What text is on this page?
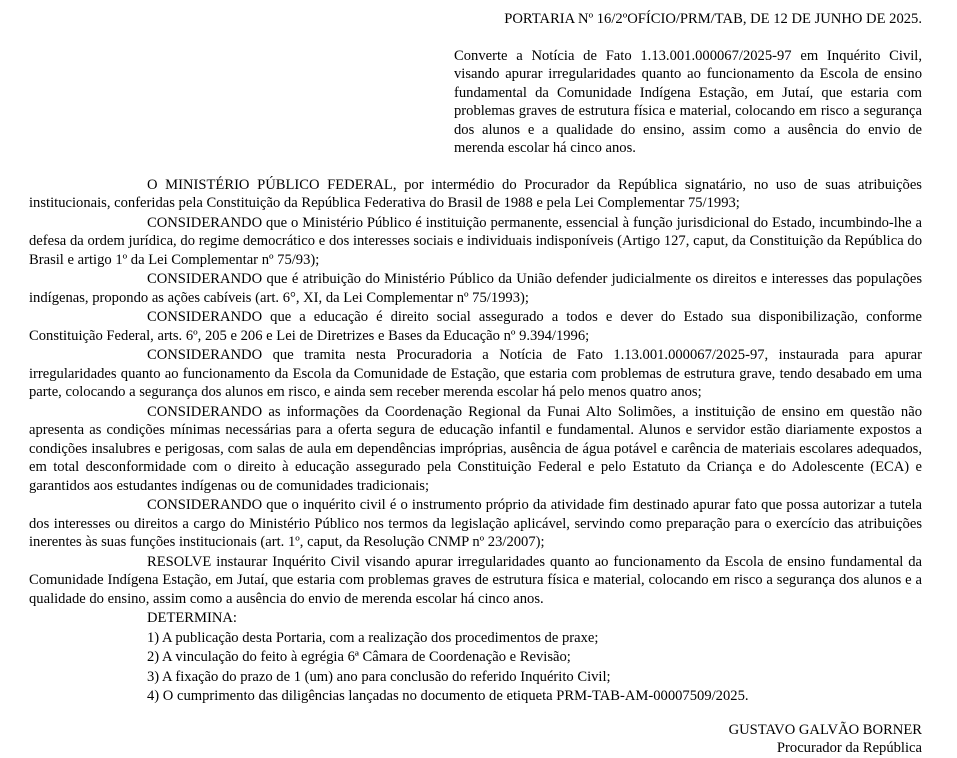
PORTARIA Nº 16/2ºOFÍCIO/PRM/TAB, DE 12 DE JUNHO DE 2025.
Converte a Notícia de Fato 1.13.001.000067/2025-97 em Inquérito Civil, visando apurar irregularidades quanto ao funcionamento da Escola de ensino fundamental da Comunidade Indígena Estação, em Jutaí, que estaria com problemas graves de estrutura física e material, colocando em risco a segurança dos alunos e a qualidade do ensino, assim como a ausência do envio de merenda escolar há cinco anos.

O MINISTÉRIO PÚBLICO FEDERAL, por intermédio do Procurador da República signatário, no uso de suas atribuições institucionais, conferidas pela Constituição da República Federativa do Brasil de 1988 e pela Lei Complementar 75/1993;

CONSIDERANDO que o Ministério Público é instituição permanente, essencial à função jurisdicional do Estado, incumbindo-lhe a defesa da ordem jurídica, do regime democrático e dos interesses sociais e individuais indisponíveis (Artigo 127, caput, da Constituição da República do Brasil e artigo 1º da Lei Complementar nº 75/93);

CONSIDERANDO que é atribuição do Ministério Público da União defender judicialmente os direitos e interesses das populações indígenas, propondo as ações cabíveis (art. 6°, XI, da Lei Complementar nº 75/1993);

CONSIDERANDO que a educação é direito social assegurado a todos e dever do Estado sua disponibilização, conforme Constituição Federal, arts. 6º, 205 e 206 e Lei de Diretrizes e Bases da Educação nº 9.394/1996;

CONSIDERANDO que tramita nesta Procuradoria a Notícia de Fato 1.13.001.000067/2025-97, instaurada para apurar irregularidades quanto ao funcionamento da Escola da Comunidade de Estação, que estaria com problemas de estrutura grave, tendo desabado em uma parte, colocando a segurança dos alunos em risco, e ainda sem receber merenda escolar há pelo menos quatro anos;

CONSIDERANDO as informações da Coordenação Regional da Funai Alto Solimões, a instituição de ensino em questão não apresenta as condições mínimas necessárias para a oferta segura de educação infantil e fundamental. Alunos e servidor estão diariamente expostos a condições insalubres e perigosas, com salas de aula em dependências impróprias, ausência de água potável e carência de materiais escolares adequados, em total desconformidade com o direito à educação assegurado pela Constituição Federal e pelo Estatuto da Criança e do Adolescente (ECA) e garantidos aos estudantes indígenas ou de comunidades tradicionais;

CONSIDERANDO que o inquérito civil é o instrumento próprio da atividade fim destinado apurar fato que possa autorizar a tutela dos interesses ou direitos a cargo do Ministério Público nos termos da legislação aplicável, servindo como preparação para o exercício das atribuições inerentes às suas funções institucionais (art. 1º, caput, da Resolução CNMP nº 23/2007);

RESOLVE instaurar Inquérito Civil visando apurar irregularidades quanto ao funcionamento da Escola de ensino fundamental da Comunidade Indígena Estação, em Jutaí, que estaria com problemas graves de estrutura física e material, colocando em risco a segurança dos alunos e a qualidade do ensino, assim como a ausência do envio de merenda escolar há cinco anos.

DETERMINA:
1) A publicação desta Portaria, com a realização dos procedimentos de praxe;
2) A vinculação do feito à egrégia 6ª Câmara de Coordenação e Revisão;
3) A fixação do prazo de 1 (um) ano para conclusão do referido Inquérito Civil;
4) O cumprimento das diligências lançadas no documento de etiqueta PRM-TAB-AM-00007509/2025.
GUSTAVO GALVÃO BORNER
Procurador da República
